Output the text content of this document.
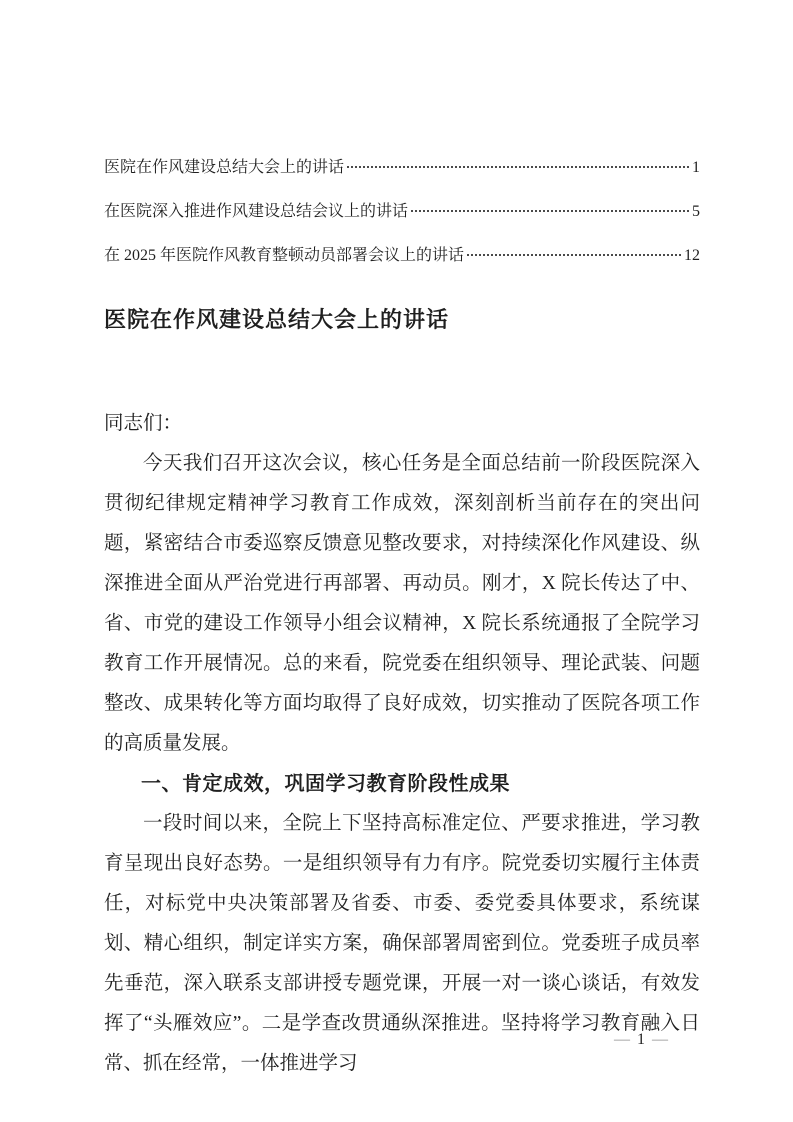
医院在作风建设总结大会上的讲话	1
在医院深入推进作风建设总结会议上的讲话	5
在 2025 年医院作风教育整顿动员部署会议上的讲话	12
医院在作风建设总结大会上的讲话
同志们：

今天我们召开这次会议，核心任务是全面总结前一阶段医院深入贯彻纪律规定精神学习教育工作成效，深刻剖析当前存在的突出问题，紧密结合市委巡察反馈意见整改要求，对持续深化作风建设、纵深推进全面从严治党进行再部署、再动员。刚才，X 院长传达了中、省、市党的建设工作领导小组会议精神，X 院长系统通报了全院学习教育工作开展情况。总的来看，院党委在组织领导、理论武装、问题整改、成果转化等方面均取得了良好成效，切实推动了医院各项工作的高质量发展。

一、肯定成效，巩固学习教育阶段性成果

一段时间以来，全院上下坚持高标准定位、严要求推进，学习教育呈现出良好态势。一是组织领导有力有序。院党委切实履行主体责任，对标党中央决策部署及省委、市委、委党委具体要求，系统谋划、精心组织，制定详实方案，确保部署周密到位。党委班子成员率先垂范，深入联系支部讲授专题党课，开展一对一谈心谈话，有效发挥了“头雁效应”。二是学查改贯通纵深推进。坚持将学习教育融入日常、抓在经常，一体推进学习

— 1 —
